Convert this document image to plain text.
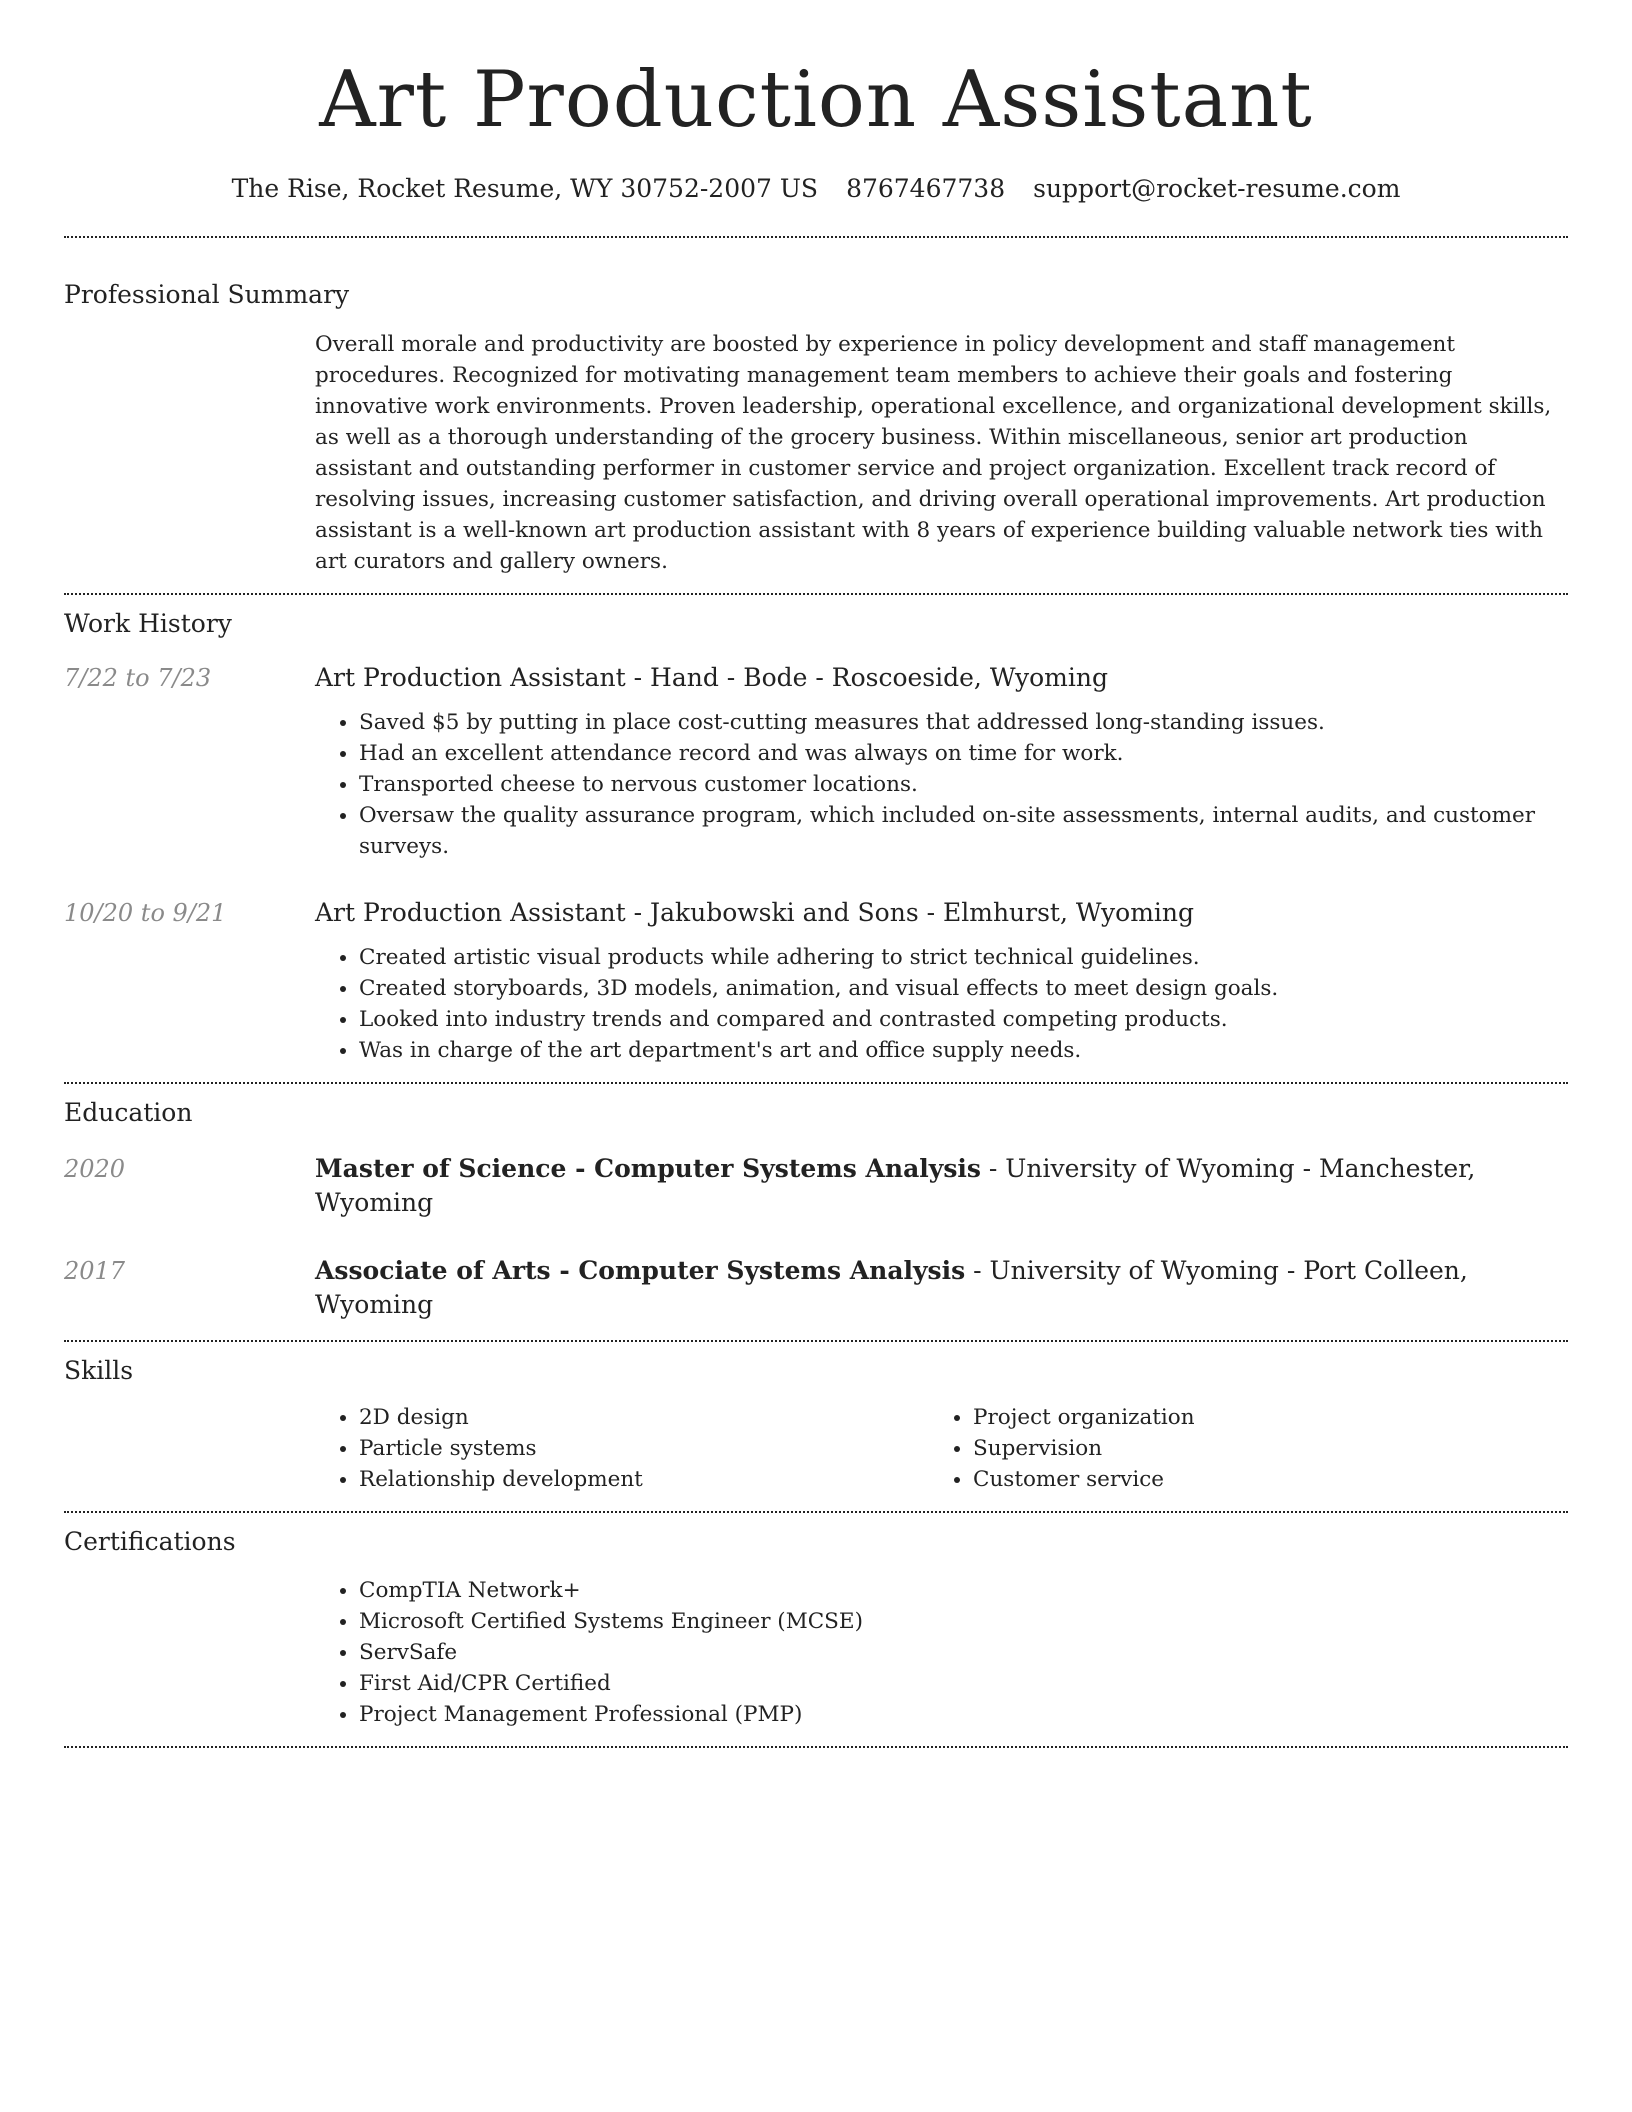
Art Production Assistant
The Rise, Rocket Resume, WY 30752-2007 US 8767467738 support@rocket-resume.com
Professional Summary

Overall morale and productivity are boosted by experience in policy development and staff management procedures. Recognized for motivating management team members to achieve their goals and fostering innovative work environments. Proven leadership, operational excellence, and organizational development skills, as well as a thorough understanding of the grocery business. Within miscellaneous, senior art production assistant and outstanding performer in customer service and project organization. Excellent track record of resolving issues, increasing customer satisfaction, and driving overall operational improvements. Art production assistant is a well-known art production assistant with 8 years of experience building valuable network ties with art curators and gallery owners.

Work History
7/22 to 7/23	Art Production Assistant - Hand - Bode - Roscoeside, Wyoming
• Saved $5 by putting in place cost-cutting measures that addressed long-standing issues.
• Had an excellent attendance record and was always on time for work.
• Transported cheese to nervous customer locations.
• Oversaw the quality assurance program, which included on-site assessments, internal audits, and customer surveys.
10/20 to 9/21	Art Production Assistant - Jakubowski and Sons - Elmhurst, Wyoming
• Created artistic visual products while adhering to strict technical guidelines.
• Created storyboards, 3D models, animation, and visual effects to meet design goals.
• Looked into industry trends and compared and contrasted competing products.
• Was in charge of the art department's art and office supply needs.
Education
2020	Master of Science - Computer Systems Analysis - University of Wyoming - Manchester, Wyoming
2017	Associate of Arts - Computer Systems Analysis - University of Wyoming - Port Colleen, Wyoming
Skills
• 2D design
• Particle systems
• Relationship development
• Project organization
• Supervision
• Customer service
Certifications
• CompTIA Network+
• Microsoft Certified Systems Engineer (MCSE)
• ServSafe
• First Aid/CPR Certified
• Project Management Professional (PMP)
